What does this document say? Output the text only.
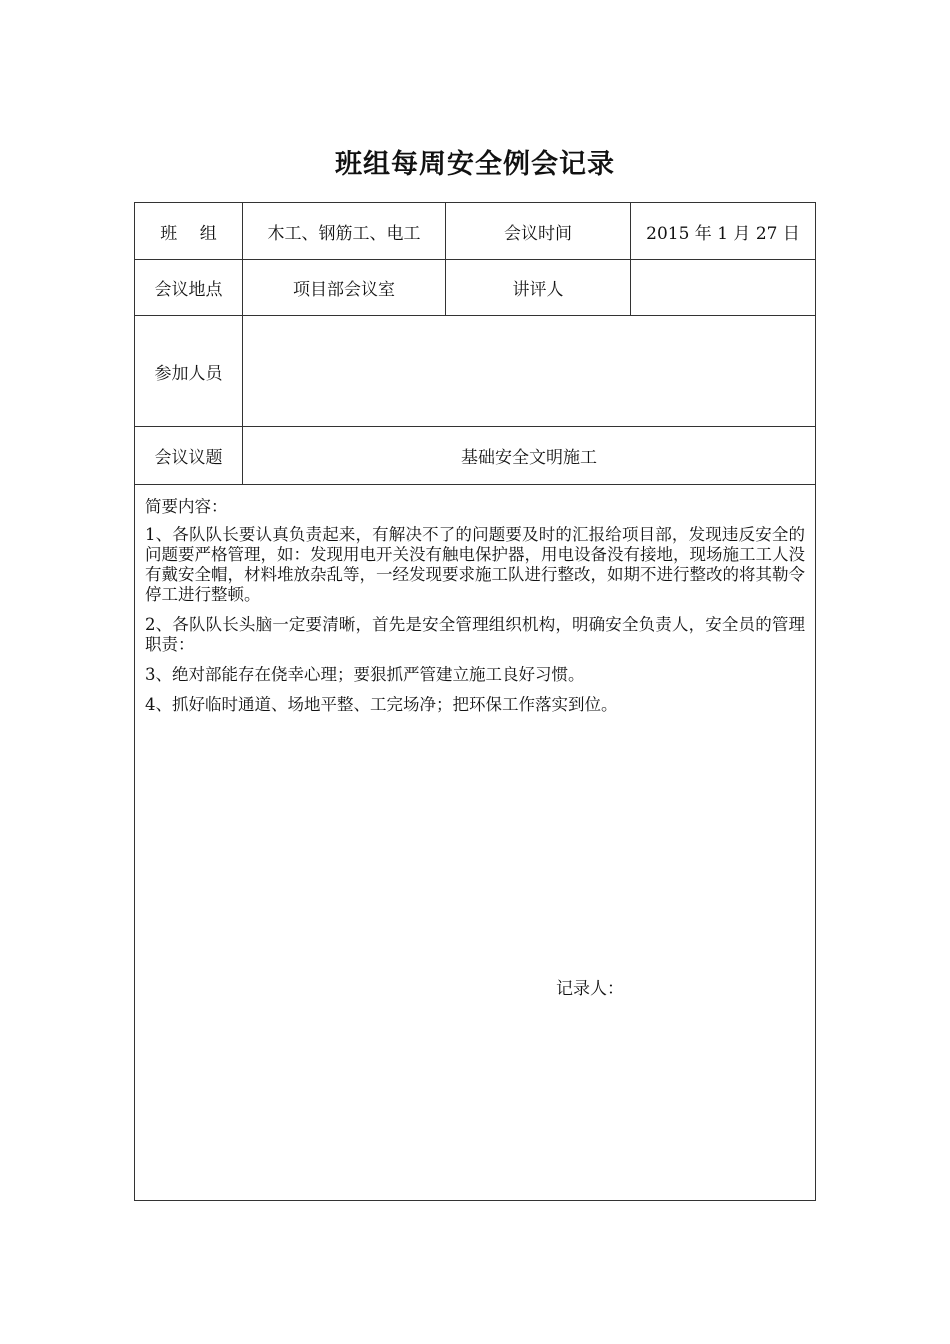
班组每周安全例会记录
班　 组	木工、钢筋工、电工	会议时间	2015 年 1 月 27 日
会议地点	项目部会议室	讲评人
参加人员
会议议题	基础安全文明施工

简要内容：

1、各队队长要认真负责起来，有解决不了的问题要及时的汇报给项目部，发现违反安全的问题要严格管理，如：发现用电开关没有触电保护器，用电设备没有接地，现场施工工人没有戴安全帽，材料堆放杂乱等，一经发现要求施工队进行整改，如期不进行整改的将其勒令停工进行整顿。

2、各队队长头脑一定要清晰，首先是安全管理组织机构，明确安全负责人，安全员的管理职责：

3、绝对部能存在侥幸心理；要狠抓严管建立施工良好习惯。

4、抓好临时通道、场地平整、工完场净；把环保工作落实到位。

记录人：
